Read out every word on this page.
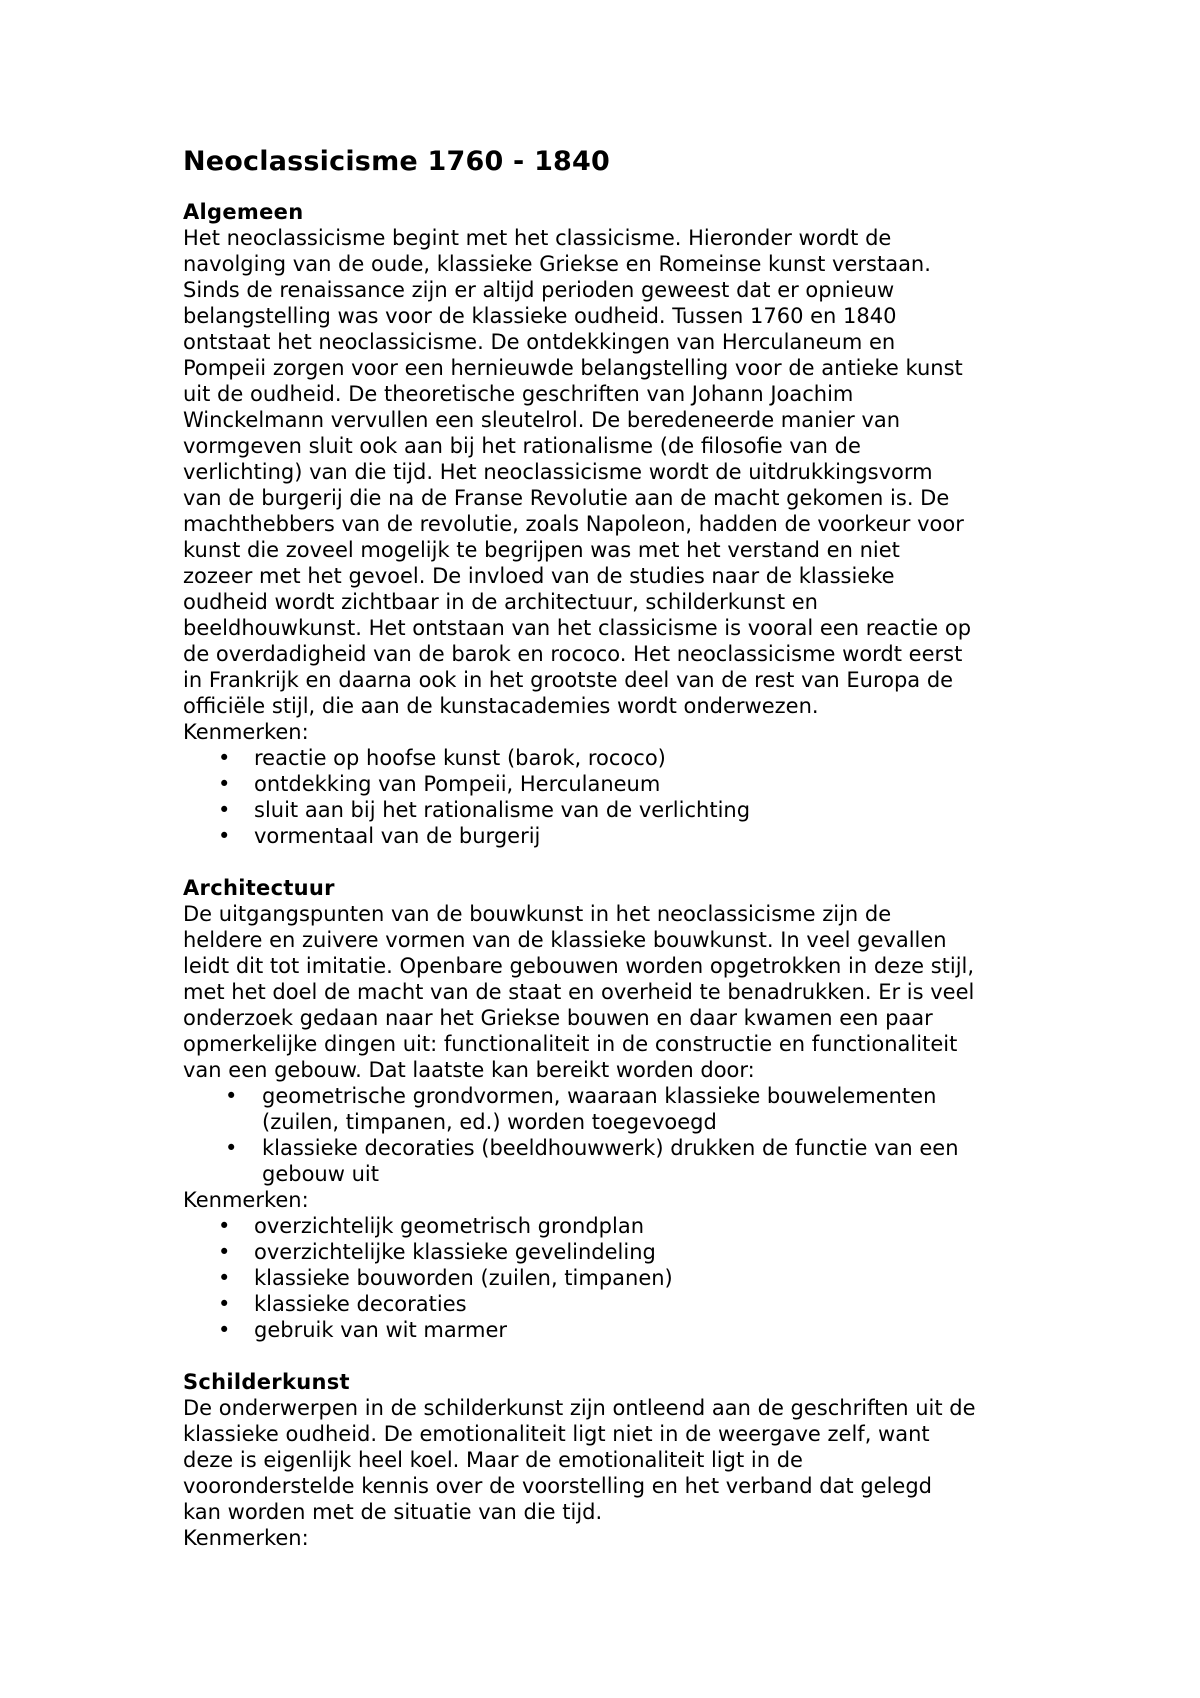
Neoclassicisme 1760 - 1840
Algemeen

Het neoclassicisme begint met het classicisme. Hieronder wordt de
navolging van de oude, klassieke Griekse en Romeinse kunst verstaan.
Sinds de renaissance zijn er altijd perioden geweest dat er opnieuw
belangstelling was voor de klassieke oudheid. Tussen 1760 en 1840
ontstaat het neoclassicisme. De ontdekkingen van Herculaneum en
Pompeii zorgen voor een hernieuwde belangstelling voor de antieke kunst
uit de oudheid. De theoretische geschriften van Johann Joachim
Winckelmann vervullen een sleutelrol. De beredeneerde manier van
vormgeven sluit ook aan bij het rationalisme (de filosofie van de
verlichting) van die tijd. Het neoclassicisme wordt de uitdrukkingsvorm
van de burgerij die na de Franse Revolutie aan de macht gekomen is. De
machthebbers van de revolutie, zoals Napoleon, hadden de voorkeur voor
kunst die zoveel mogelijk te begrijpen was met het verstand en niet
zozeer met het gevoel. De invloed van de studies naar de klassieke
oudheid wordt zichtbaar in de architectuur, schilderkunst en
beeldhouwkunst. Het ontstaan van het classicisme is vooral een reactie op
de overdadigheid van de barok en rococo. Het neoclassicisme wordt eerst
in Frankrijk en daarna ook in het grootste deel van de rest van Europa de
officiële stijl, die aan de kunstacademies wordt onderwezen.

Kenmerken:
• reactie op hoofse kunst (barok, rococo)
• ontdekking van Pompeii, Herculaneum
• sluit aan bij het rationalisme van de verlichting
• vormentaal van de burgerij
Architectuur

De uitgangspunten van de bouwkunst in het neoclassicisme zijn de
heldere en zuivere vormen van de klassieke bouwkunst. In veel gevallen
leidt dit tot imitatie. Openbare gebouwen worden opgetrokken in deze stijl,
met het doel de macht van de staat en overheid te benadrukken. Er is veel
onderzoek gedaan naar het Griekse bouwen en daar kwamen een paar
opmerkelijke dingen uit: functionaliteit in de constructie en functionaliteit
van een gebouw. Dat laatste kan bereikt worden door:

• geometrische grondvormen, waaraan klassieke bouwelementen
(zuilen, timpanen, ed.) worden toegevoegd
• klassieke decoraties (beeldhouwwerk) drukken de functie van een
gebouw uit
Kenmerken:
• overzichtelijk geometrisch grondplan
• overzichtelijke klassieke gevelindeling
• klassieke bouworden (zuilen, timpanen)
• klassieke decoraties
• gebruik van wit marmer
Schilderkunst

De onderwerpen in de schilderkunst zijn ontleend aan de geschriften uit de
klassieke oudheid. De emotionaliteit ligt niet in de weergave zelf, want
deze is eigenlijk heel koel. Maar de emotionaliteit ligt in de
vooronderstelde kennis over de voorstelling en het verband dat gelegd
kan worden met de situatie van die tijd.

Kenmerken:
